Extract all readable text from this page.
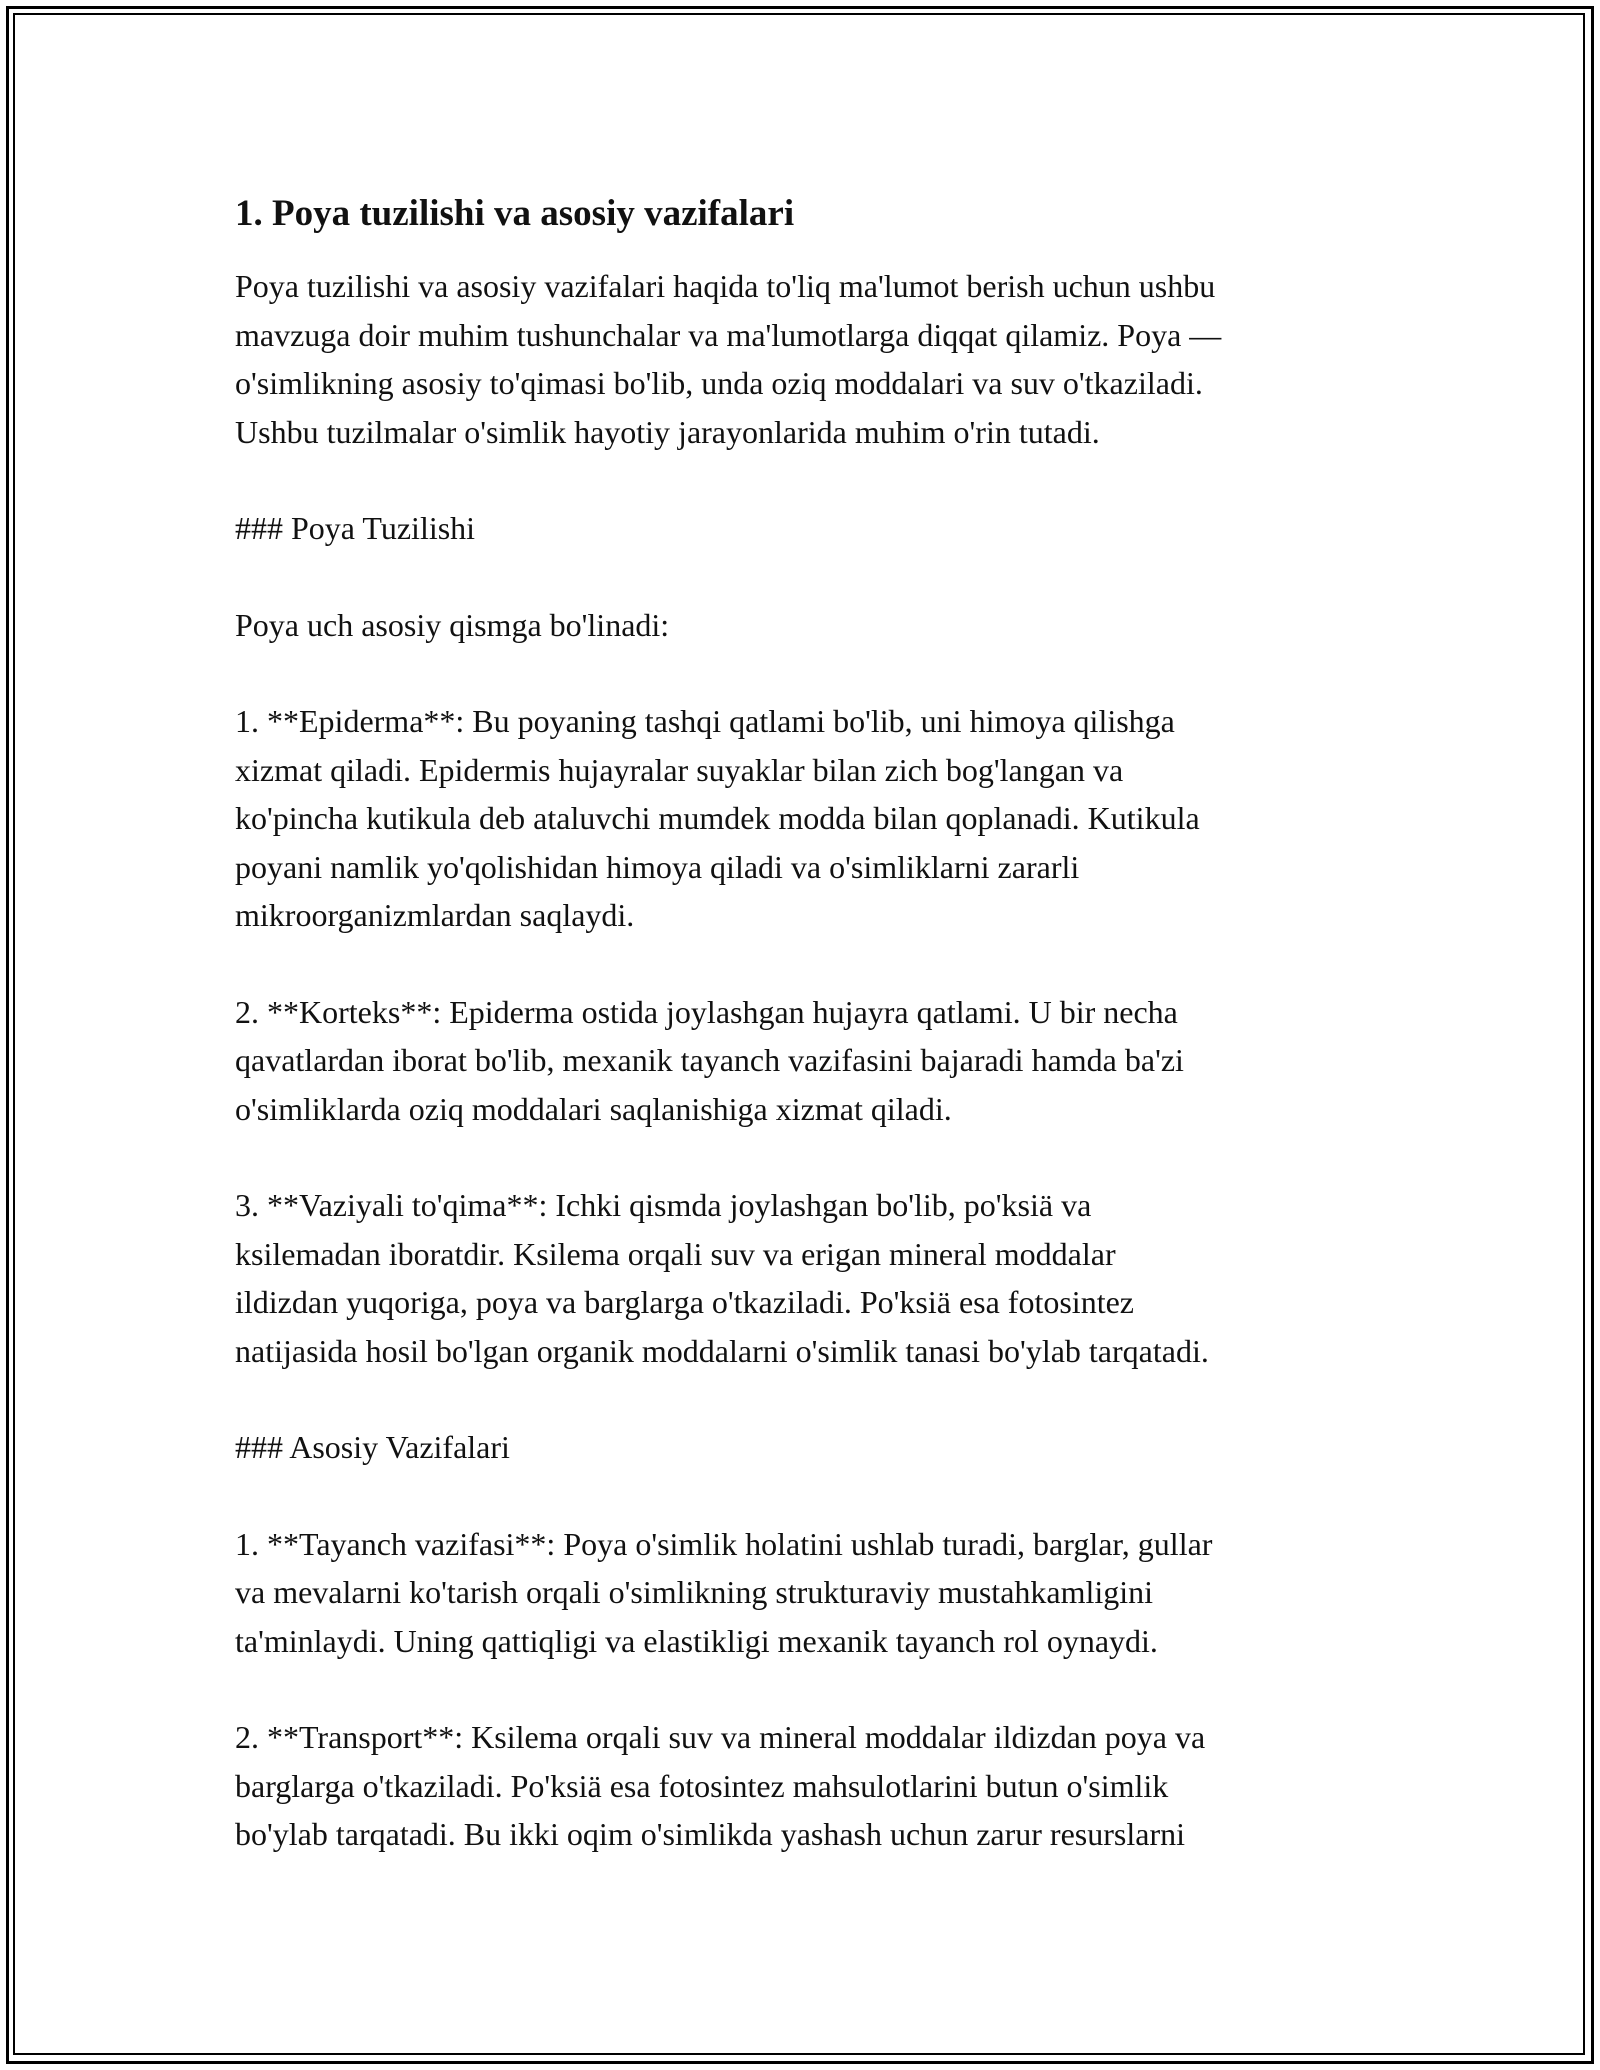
1. Poya tuzilishi va asosiy vazifalari

Poya tuzilishi va asosiy vazifalari haqida to'liq ma'lumot berish uchun ushbu
mavzuga doir muhim tushunchalar va ma'lumotlarga diqqat qilamiz. Poya —
o'simlikning asosiy to'qimasi bo'lib, unda oziq moddalari va suv o'tkaziladi.
Ushbu tuzilmalar o'simlik hayotiy jarayonlarida muhim o'rin tutadi.

### Poya Tuzilishi

Poya uch asosiy qismga bo'linadi:

1. **Epiderma**: Bu poyaning tashqi qatlami bo'lib, uni himoya qilishga
xizmat qiladi. Epidermis hujayralar suyaklar bilan zich bog'langan va
ko'pincha kutikula deb ataluvchi mumdek modda bilan qoplanadi. Kutikula
poyani namlik yo'qolishidan himoya qiladi va o'simliklarni zararli
mikroorganizmlardan saqlaydi.

2. **Korteks**: Epiderma ostida joylashgan hujayra qatlami. U bir necha
qavatlardan iborat bo'lib, mexanik tayanch vazifasini bajaradi hamda ba'zi
o'simliklarda oziq moddalari saqlanishiga xizmat qiladi.

3. **Vaziyali to'qima**: Ichki qismda joylashgan bo'lib, po'ksiä va
ksilemadan iboratdir. Ksilema orqali suv va erigan mineral moddalar
ildizdan yuqoriga, poya va barglarga o'tkaziladi. Po'ksiä esa fotosintez
natijasida hosil bo'lgan organik moddalarni o'simlik tanasi bo'ylab tarqatadi.

### Asosiy Vazifalari

1. **Tayanch vazifasi**: Poya o'simlik holatini ushlab turadi, barglar, gullar
va mevalarni ko'tarish orqali o'simlikning strukturaviy mustahkamligini
ta'minlaydi. Uning qattiqligi va elastikligi mexanik tayanch rol oynaydi.

2. **Transport**: Ksilema orqali suv va mineral moddalar ildizdan poya va
barglarga o'tkaziladi. Po'ksiä esa fotosintez mahsulotlarini butun o'simlik
bo'ylab tarqatadi. Bu ikki oqim o'simlikda yashash uchun zarur resurslarni
